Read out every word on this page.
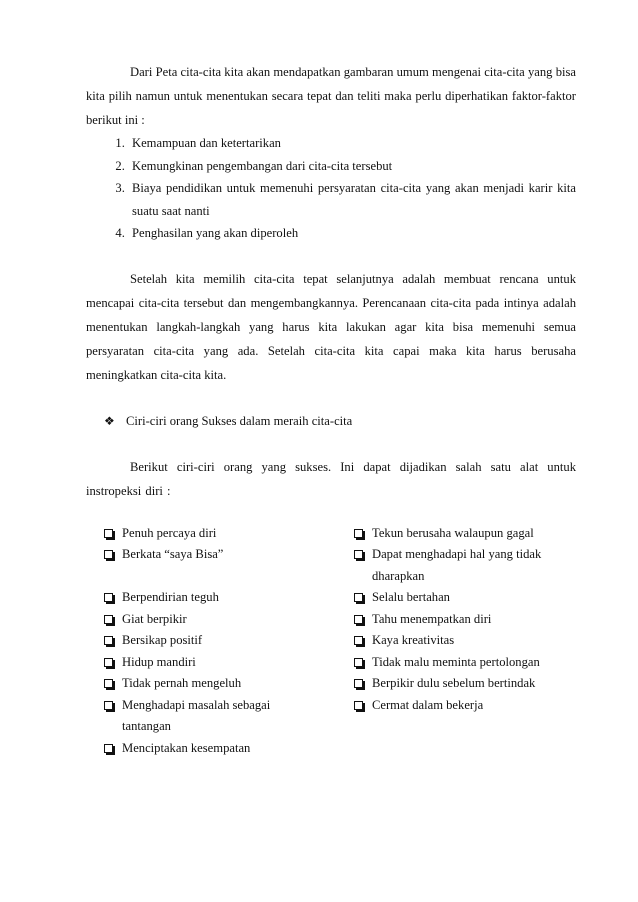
Dari Peta cita-cita kita akan mendapatkan gambaran umum mengenai cita-cita yang bisa kita pilih namun untuk menentukan secara tepat dan teliti maka perlu diperhatikan faktor-faktor berikut ini :

1. Kemampuan dan ketertarikan
2. Kemungkinan pengembangan dari cita-cita tersebut
3. Biaya pendidikan untuk memenuhi persyaratan cita-cita yang akan menjadi karir kita suatu saat nanti
4. Penghasilan yang akan diperoleh

Setelah kita memilih cita-cita tepat selanjutnya adalah membuat rencana untuk mencapai cita-cita tersebut dan mengembangkannya. Perencanaan cita-cita pada intinya adalah menentukan langkah-langkah yang harus kita lakukan agar kita bisa memenuhi semua persyaratan cita-cita yang ada. Setelah cita-cita kita capai maka kita harus berusaha meningkatkan cita-cita kita.

❖ Ciri-ciri orang Sukses dalam meraih cita-cita

Berikut ciri-ciri orang yang sukses. Ini dapat dijadikan salah satu alat untuk instropeksi diri :

Penuh percaya diri
Berkata “saya Bisa”
Berpendirian teguh
Giat berpikir
Bersikap positif
Hidup mandiri
Tidak pernah mengeluh
Menghadapi masalah sebagai tantangan
Menciptakan kesempatan
Tekun berusaha walaupun gagal
Dapat menghadapi hal yang tidak dharapkan
Selalu bertahan
Tahu menempatkan diri
Kaya kreativitas
Tidak malu meminta pertolongan
Berpikir dulu sebelum bertindak
Cermat dalam bekerja
